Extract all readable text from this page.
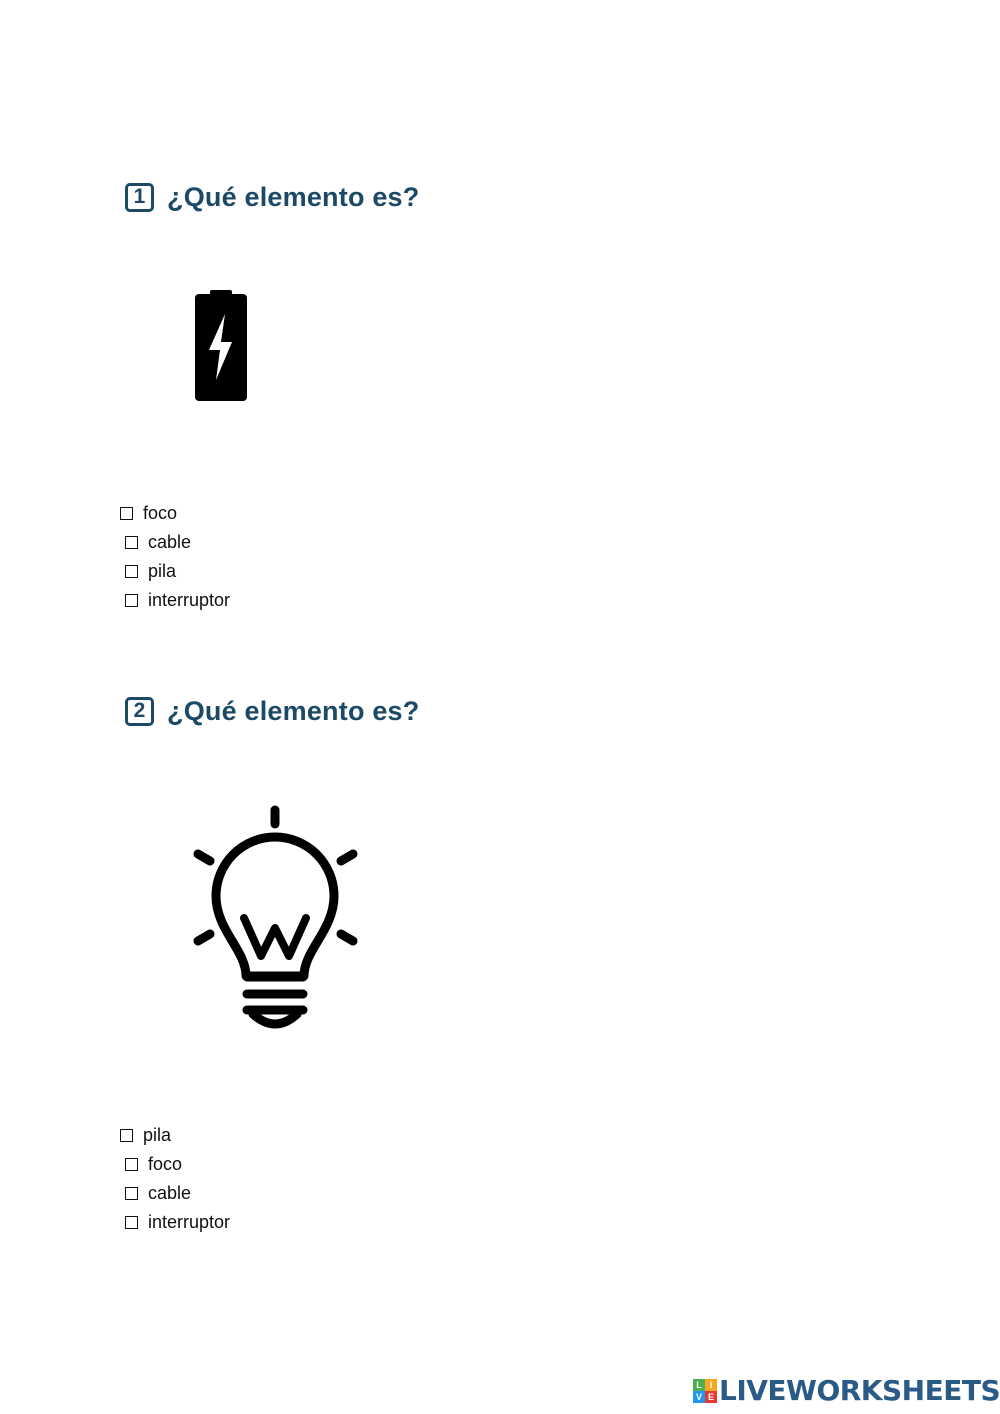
1 ¿Qué elemento es?
foco
cable
pila
interruptor
2 ¿Qué elemento es?
pila
foco
cable
interruptor
L I
V E LIVEWORKSHEETS
